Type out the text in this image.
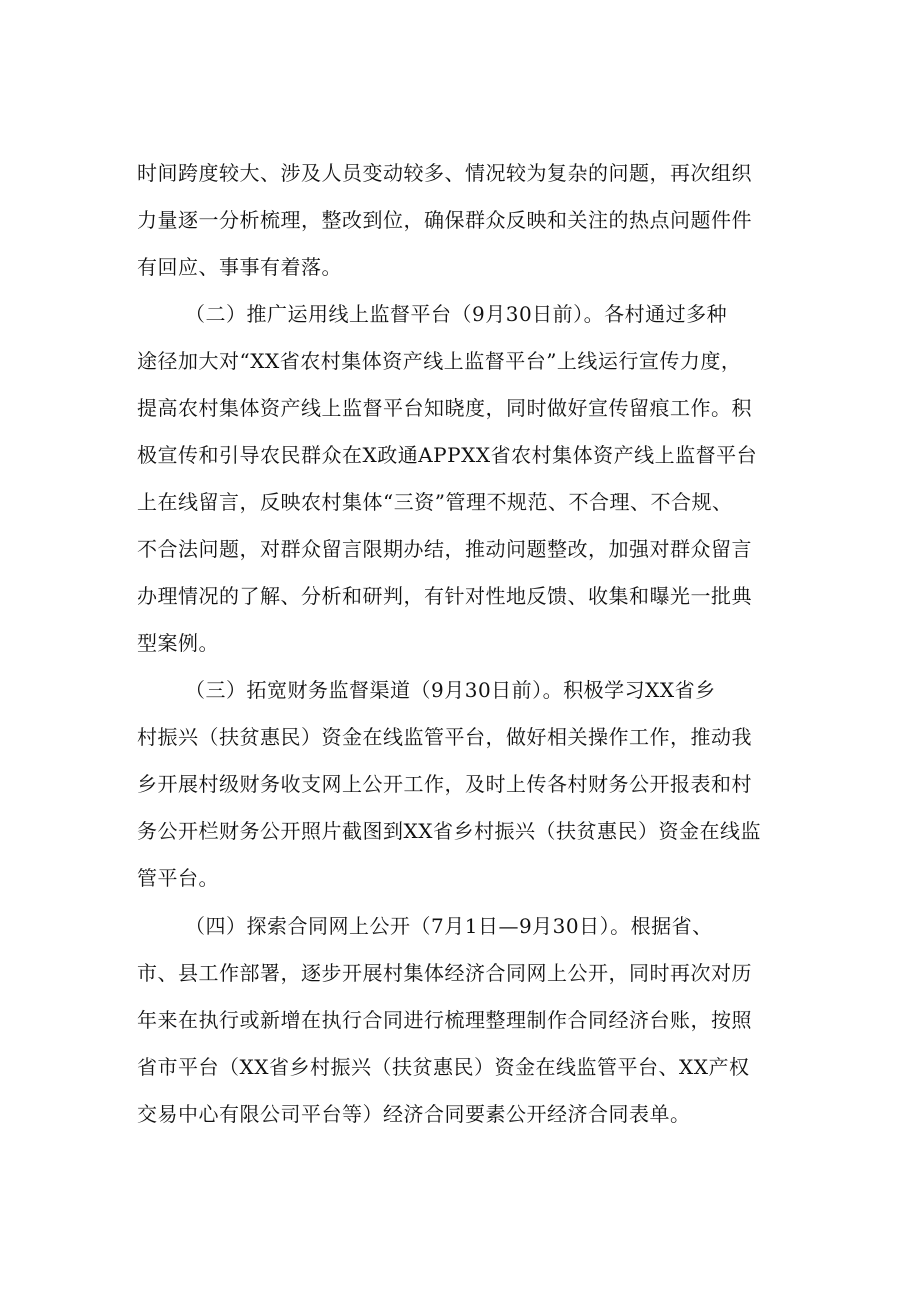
时间跨度较大、涉及人员变动较多、情况较为复杂的问题，再次组织
力量逐一分析梳理，整改到位，确保群众反映和关注的热点问题件件
有回应、事事有着落。
（二）推广运用线上监督平台（9月30日前）。各村通过多种
途径加大对“XX省农村集体资产线上监督平台”上线运行宣传力度，
提高农村集体资产线上监督平台知晓度，同时做好宣传留痕工作。积
极宣传和引导农民群众在X政通APPXX省农村集体资产线上监督平台
上在线留言，反映农村集体“三资”管理不规范、不合理、不合规、
不合法问题，对群众留言限期办结，推动问题整改，加强对群众留言
办理情况的了解、分析和研判，有针对性地反馈、收集和曝光一批典
型案例。
（三）拓宽财务监督渠道（9月30日前）。积极学习XX省乡
村振兴（扶贫惠民）资金在线监管平台，做好相关操作工作，推动我
乡开展村级财务收支网上公开工作，及时上传各村财务公开报表和村
务公开栏财务公开照片截图到XX省乡村振兴（扶贫惠民）资金在线监
管平台。
（四）探索合同网上公开（7月1日—9月30日）。根据省、
市、县工作部署，逐步开展村集体经济合同网上公开，同时再次对历
年来在执行或新增在执行合同进行梳理整理制作合同经济台账，按照
省市平台（XX省乡村振兴（扶贫惠民）资金在线监管平台、XX产权
交易中心有限公司平台等）经济合同要素公开经济合同表单。
